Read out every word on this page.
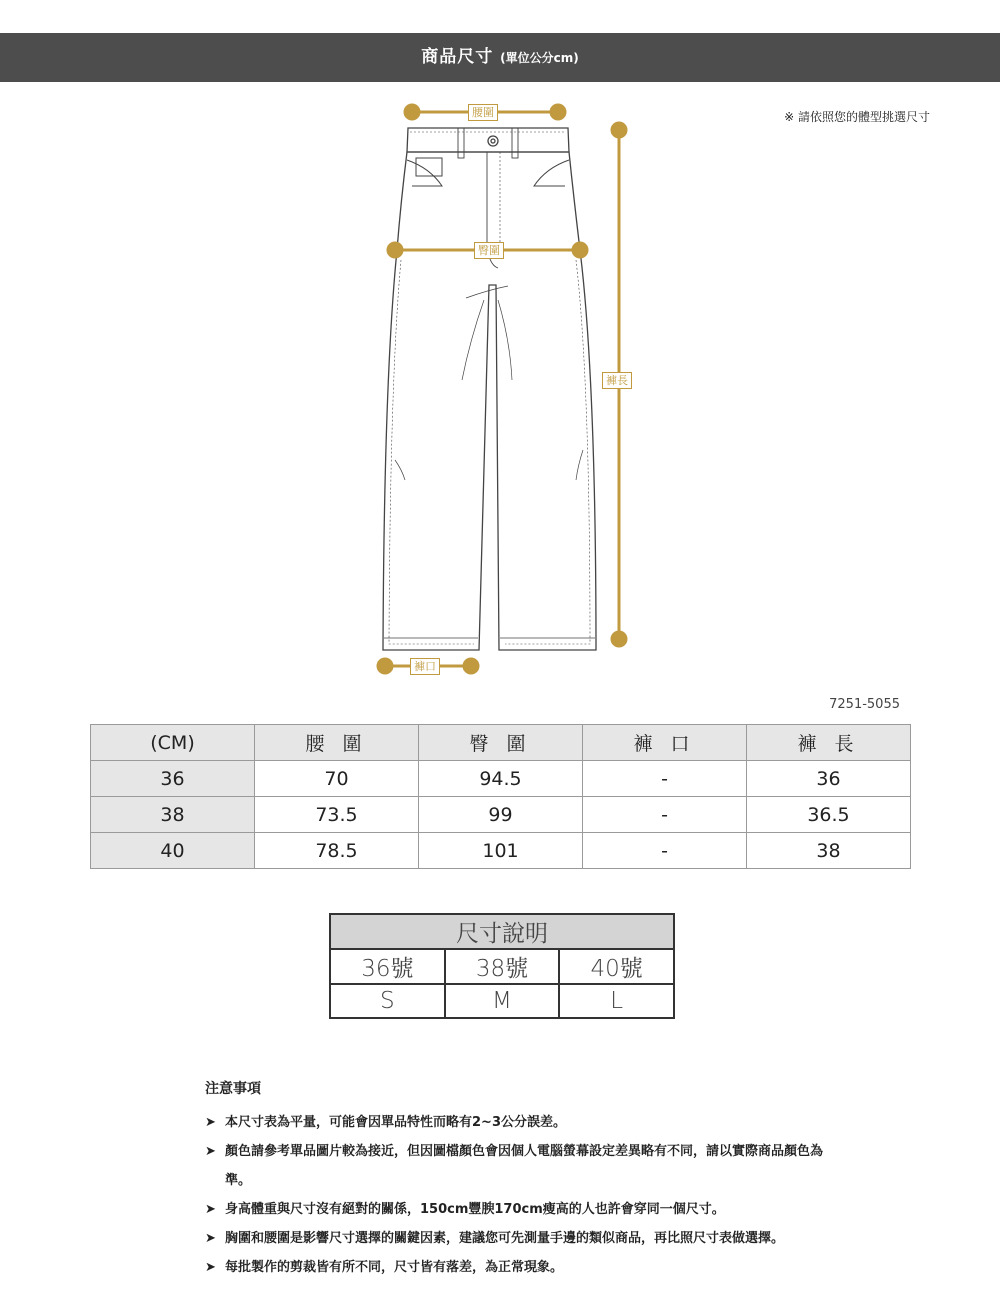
商品尺寸 (單位公分cm)
※ 請依照您的體型挑選尺寸
腰圍
臀圍
褲長
褲口
7251-5055
(CM)	腰 圍	臀 圍	褲 口	褲 長
36	70	94.5	-	36
38	73.5	99	-	36.5
40	78.5	101	-	38
尺寸說明		
36號	38號	40號
S	M	L
注意事項
➤ 本尺寸表為平量，可能會因單品特性而略有2~3公分誤差。
➤ 顏色請參考單品圖片較為接近，但因圖檔顏色會因個人電腦螢幕設定差異略有不同，請以實際商品顏色為準。
➤ 身高體重與尺寸沒有絕對的關係，150cm豐腴170cm瘦高的人也許會穿同一個尺寸。
➤ 胸圍和腰圍是影響尺寸選擇的關鍵因素，建議您可先測量手邊的類似商品，再比照尺寸表做選擇。
➤ 每批製作的剪裁皆有所不同，尺寸皆有落差，為正常現象。
